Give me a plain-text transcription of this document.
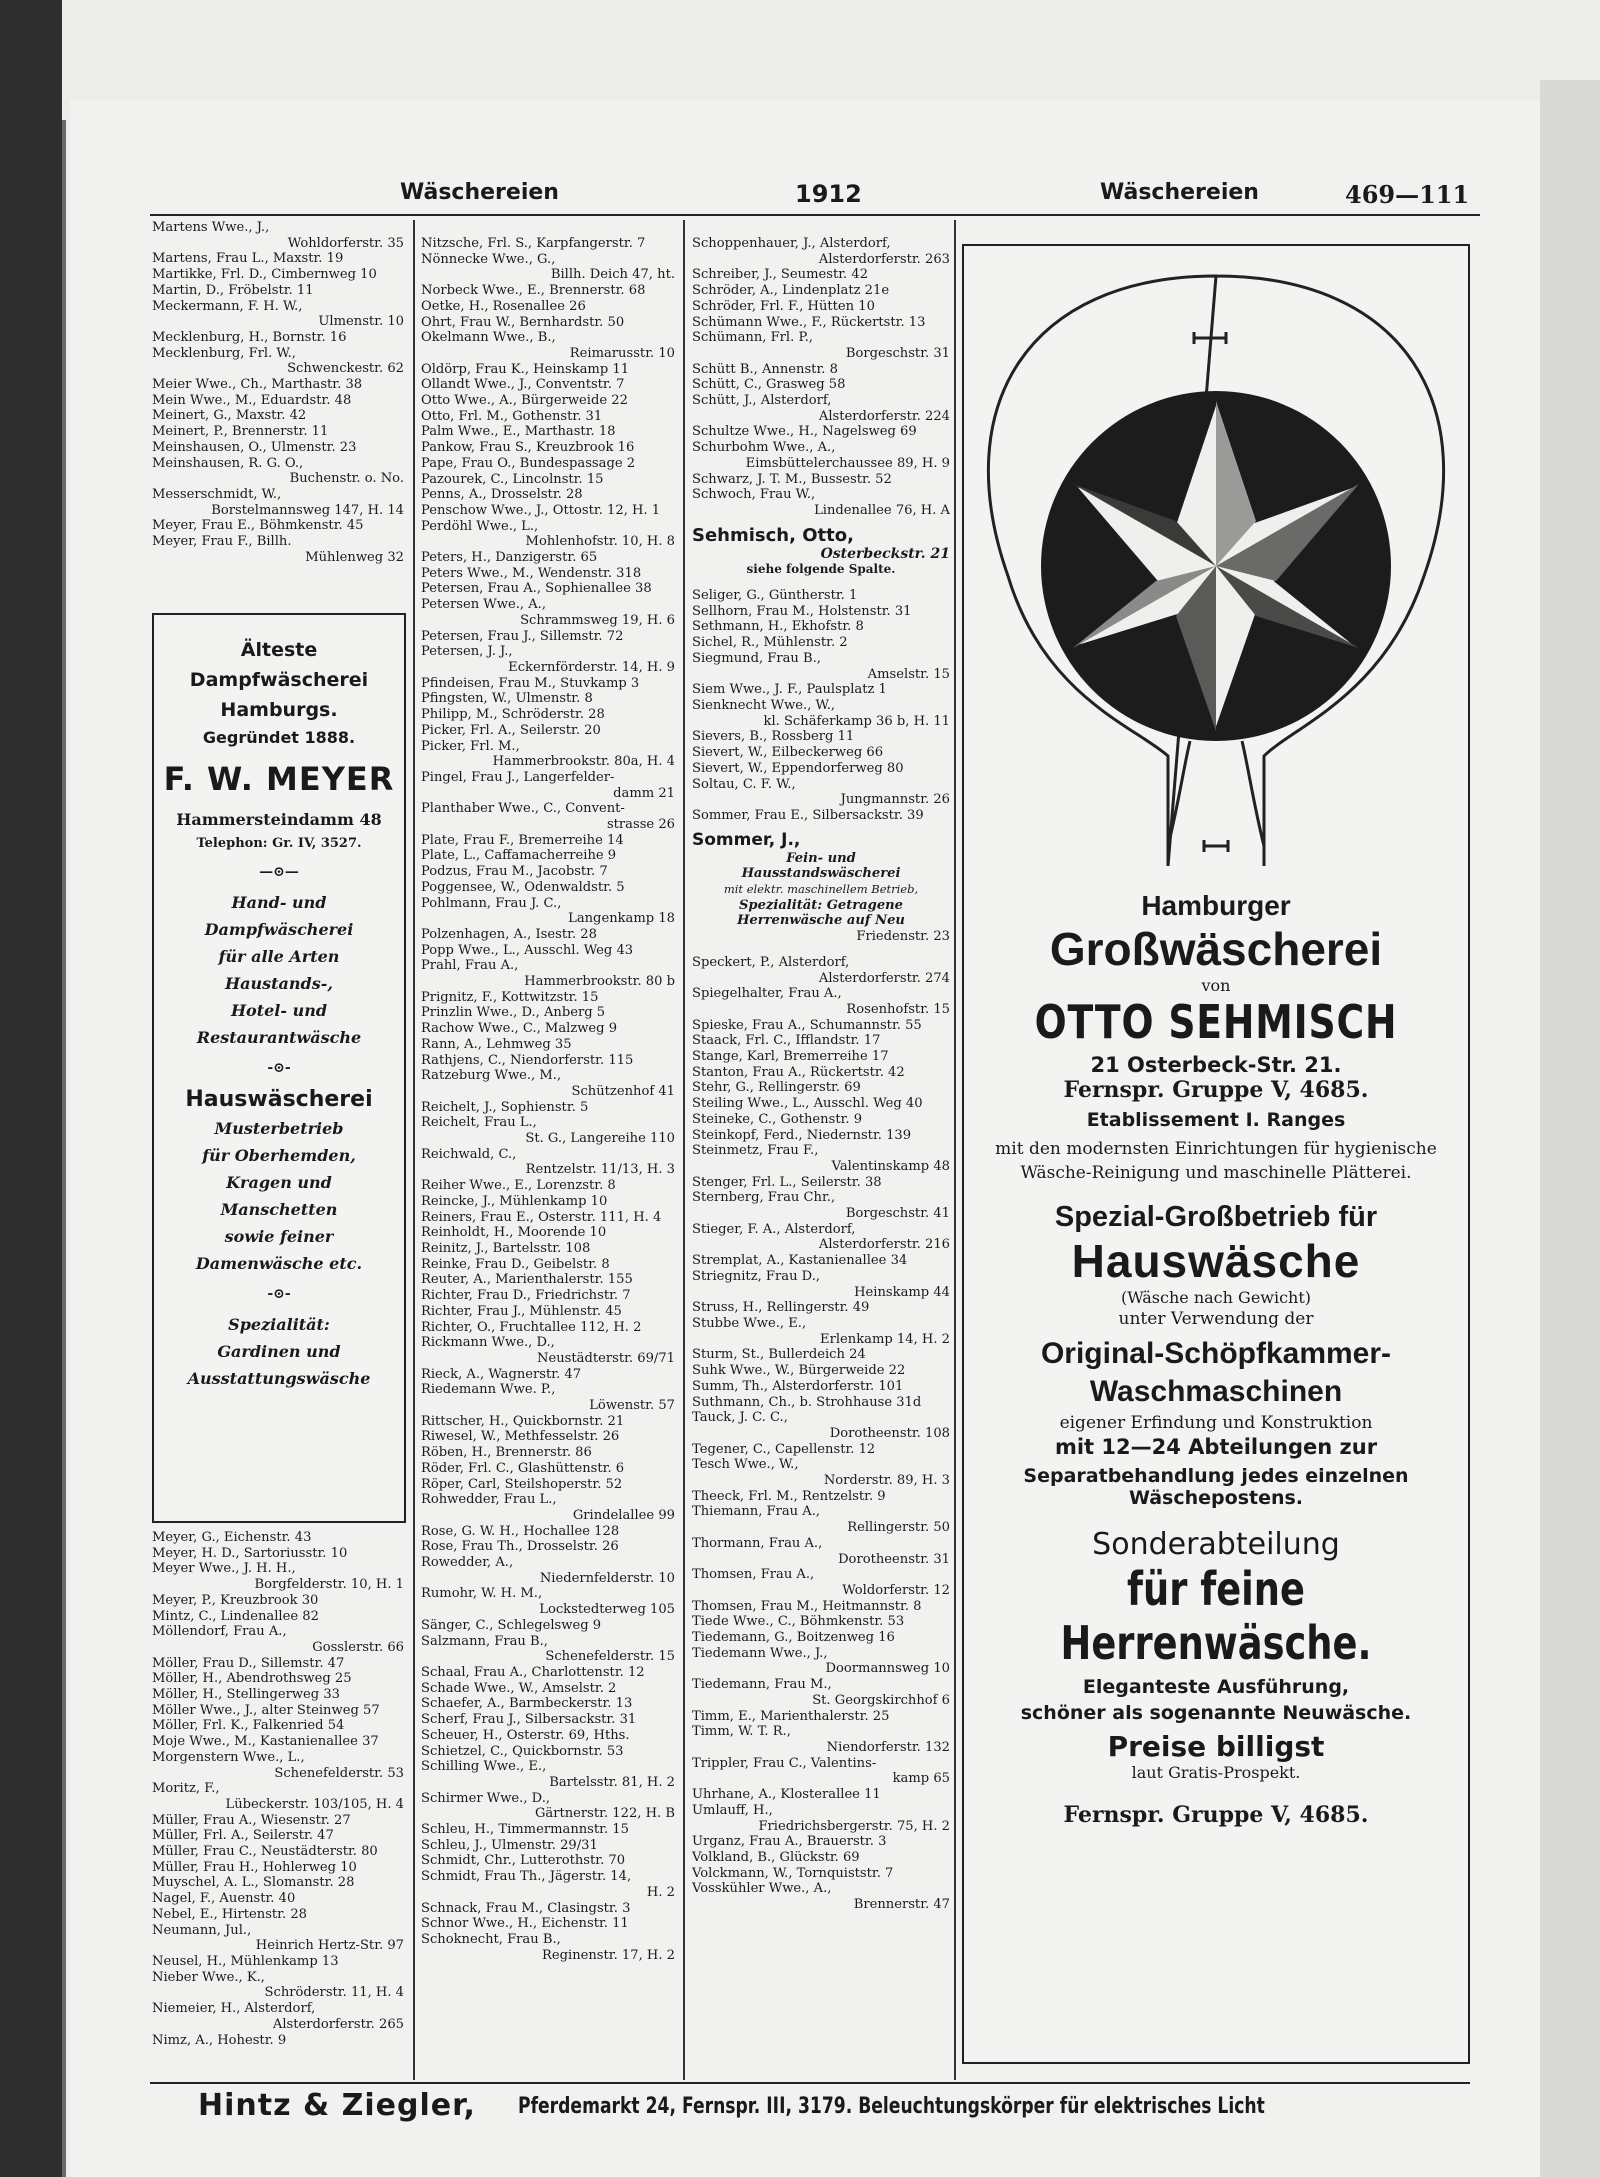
Wäschereien	1912	Wäschereien	469—111
Martens Wwe., J.,
Wohldorferstr. 35
Martens, Frau L., Maxstr. 19
Martikke, Frl. D., Cimbernweg 10
Martin, D., Fröbelstr. 11
Meckermann, F. H. W.,
Ulmenstr. 10
Mecklenburg, H., Bornstr. 16
Mecklenburg, Frl. W.,
Schwenckestr. 62
Meier Wwe., Ch., Marthastr. 38
Mein Wwe., M., Eduardstr. 48
Meinert, G., Maxstr. 42
Meinert, P., Brennerstr. 11
Meinshausen, O., Ulmenstr. 23
Meinshausen, R. G. O.,
Buchenstr. o. No.
Messerschmidt, W.,
Borstelmannsweg 147, H. 14
Meyer, Frau E., Böhmkenstr. 45
Meyer, Frau F., Billh.
Mühlenweg 32
Älteste
Dampfwäscherei
Hamburgs.
Gegründet 1888.
F. W. MEYER
Hammersteindamm 48
Telephon: Gr. IV, 3527.
—⊙—
Hand- und
Dampfwäscherei
für alle Arten
Haustands-,
Hotel- und
Restaurantwäsche
-⊙-
Hauswäscherei
Musterbetrieb
für Oberhemden,
Kragen und
Manschetten
sowie feiner
Damenwäsche etc.
-⊙-
Spezialität:
Gardinen und
Ausstattungswäsche
Meyer, G., Eichenstr. 43
Meyer, H. D., Sartoriusstr. 10
Meyer Wwe., J. H. H.,
Borgfelderstr. 10, H. 1
Meyer, P., Kreuzbrook 30
Mintz, C., Lindenallee 82
Möllendorf, Frau A.,
Gosslerstr. 66
Möller, Frau D., Sillemstr. 47
Möller, H., Abendrothsweg 25
Möller, H., Stellingerweg 33
Möller Wwe., J., alter Steinweg 57
Möller, Frl. K., Falkenried 54
Moje Wwe., M., Kastanienallee 37
Morgenstern Wwe., L.,
Schenefelderstr. 53
Moritz, F.,
Lübeckerstr. 103/105, H. 4
Müller, Frau A., Wiesenstr. 27
Müller, Frl. A., Seilerstr. 47
Müller, Frau C., Neustädterstr. 80
Müller, Frau H., Hohlerweg 10
Muyschel, A. L., Slomanstr. 28
Nagel, F., Auenstr. 40
Nebel, E., Hirtenstr. 28
Neumann, Jul.,
Heinrich Hertz-Str. 97
Neusel, H., Mühlenkamp 13
Nieber Wwe., K.,
Schröderstr. 11, H. 4
Niemeier, H., Alsterdorf,
Alsterdorferstr. 265
Nimz, A., Hohestr. 9
Nitzsche, Frl. S., Karpfangerstr. 7
Nönnecke Wwe., G.,
Billh. Deich 47, ht.
Norbeck Wwe., E., Brennerstr. 68
Oetke, H., Rosenallee 26
Ohrt, Frau W., Bernhardstr. 50
Okelmann Wwe., B.,
Reimarusstr. 10
Oldörp, Frau K., Heinskamp 11
Ollandt Wwe., J., Conventstr. 7
Otto Wwe., A., Bürgerweide 22
Otto, Frl. M., Gothenstr. 31
Palm Wwe., E., Marthastr. 18
Pankow, Frau S., Kreuzbrook 16
Pape, Frau O., Bundespassage 2
Pazourek, C., Lincolnstr. 15
Penns, A., Drosselstr. 28
Penschow Wwe., J., Ottostr. 12, H. 1
Perdöhl Wwe., L.,
Mohlenhofstr. 10, H. 8
Peters, H., Danzigerstr. 65
Peters Wwe., M., Wendenstr. 318
Petersen, Frau A., Sophienallee 38
Petersen Wwe., A.,
Schrammsweg 19, H. 6
Petersen, Frau J., Sillemstr. 72
Petersen, J. J.,
Eckernförderstr. 14, H. 9
Pfindeisen, Frau M., Stuvkamp 3
Pfingsten, W., Ulmenstr. 8
Philipp, M., Schröderstr. 28
Picker, Frl. A., Seilerstr. 20
Picker, Frl. M.,
Hammerbrookstr. 80a, H. 4
Pingel, Frau J., Langerfelder-
damm 21
Planthaber Wwe., C., Convent-
strasse 26
Plate, Frau F., Bremerreihe 14
Plate, L., Caffamacherreihe 9
Podzus, Frau M., Jacobstr. 7
Poggensee, W., Odenwaldstr. 5
Pohlmann, Frau J. C.,
Langenkamp 18
Polzenhagen, A., Isestr. 28
Popp Wwe., L., Ausschl. Weg 43
Prahl, Frau A.,
Hammerbrookstr. 80 b
Prignitz, F., Kottwitzstr. 15
Prinzlin Wwe., D., Anberg 5
Rachow Wwe., C., Malzweg 9
Rann, A., Lehmweg 35
Rathjens, C., Niendorferstr. 115
Ratzeburg Wwe., M.,
Schützenhof 41
Reichelt, J., Sophienstr. 5
Reichelt, Frau L.,
St. G., Langereihe 110
Reichwald, C.,
Rentzelstr. 11/13, H. 3
Reiher Wwe., E., Lorenzstr. 8
Reincke, J., Mühlenkamp 10
Reiners, Frau E., Osterstr. 111, H. 4
Reinholdt, H., Moorende 10
Reinitz, J., Bartelsstr. 108
Reinke, Frau D., Geibelstr. 8
Reuter, A., Marienthalerstr. 155
Richter, Frau D., Friedrichstr. 7
Richter, Frau J., Mühlenstr. 45
Richter, O., Fruchtallee 112, H. 2
Rickmann Wwe., D.,
Neustädterstr. 69/71
Rieck, A., Wagnerstr. 47
Riedemann Wwe. P.,
Löwenstr. 57
Rittscher, H., Quickbornstr. 21
Riwesel, W., Methfesselstr. 26
Röben, H., Brennerstr. 86
Röder, Frl. C., Glashüttenstr. 6
Röper, Carl, Steilshoperstr. 52
Rohwedder, Frau L.,
Grindelallee 99
Rose, G. W. H., Hochallee 128
Rose, Frau Th., Drosselstr. 26
Rowedder, A.,
Niedernfelderstr. 10
Rumohr, W. H. M.,
Lockstedterweg 105
Sänger, C., Schlegelsweg 9
Salzmann, Frau B.,
Schenefelderstr. 15
Schaal, Frau A., Charlottenstr. 12
Schade Wwe., W., Amselstr. 2
Schaefer, A., Barmbeckerstr. 13
Scherf, Frau J., Silbersackstr. 31
Scheuer, H., Osterstr. 69, Hths.
Schietzel, C., Quickbornstr. 53
Schilling Wwe., E.,
Bartelsstr. 81, H. 2
Schirmer Wwe., D.,
Gärtnerstr. 122, H. B
Schleu, H., Timmermannstr. 15
Schleu, J., Ulmenstr. 29/31
Schmidt, Chr., Lutterothstr. 70
Schmidt, Frau Th., Jägerstr. 14,
H. 2
Schnack, Frau M., Clasingstr. 3
Schnor Wwe., H., Eichenstr. 11
Schoknecht, Frau B.,
Reginenstr. 17, H. 2
Schoppenhauer, J., Alsterdorf,
Alsterdorferstr. 263
Schreiber, J., Seumestr. 42
Schröder, A., Lindenplatz 21e
Schröder, Frl. F., Hütten 10
Schümann Wwe., F., Rückertstr. 13
Schümann, Frl. P.,
Borgeschstr. 31
Schütt B., Annenstr. 8
Schütt, C., Grasweg 58
Schütt, J., Alsterdorf,
Alsterdorferstr. 224
Schultze Wwe., H., Nagelsweg 69
Schurbohm Wwe., A.,
Eimsbüttelerchaussee 89, H. 9
Schwarz, J. T. M., Bussestr. 52
Schwoch, Frau W.,
Lindenallee 76, H. A
Sehmisch, Otto,
Osterbeckstr. 21
siehe folgende Spalte.
Seliger, G., Güntherstr. 1
Sellhorn, Frau M., Holstenstr. 31
Sethmann, H., Ekhofstr. 8
Sichel, R., Mühlenstr. 2
Siegmund, Frau B.,
Amselstr. 15
Siem Wwe., J. F., Paulsplatz 1
Sienknecht Wwe., W.,
kl. Schäferkamp 36 b, H. 11
Sievers, B., Rossberg 11
Sievert, W., Eilbeckerweg 66
Sievert, W., Eppendorferweg 80
Soltau, C. F. W.,
Jungmannstr. 26
Sommer, Frau E., Silbersackstr. 39
Sommer, J.,
Fein- und
Hausstandswäscherei
mit elektr. maschinellem Betrieb,
Spezialität: Getragene
Herrenwäsche auf Neu
Friedenstr. 23
Speckert, P., Alsterdorf,
Alsterdorferstr. 274
Spiegelhalter, Frau A.,
Rosenhofstr. 15
Spieske, Frau A., Schumannstr. 55
Staack, Frl. C., Ifflandstr. 17
Stange, Karl, Bremerreihe 17
Stanton, Frau A., Rückertstr. 42
Stehr, G., Rellingerstr. 69
Steiling Wwe., L., Ausschl. Weg 40
Steineke, C., Gothenstr. 9
Steinkopf, Ferd., Niedernstr. 139
Steinmetz, Frau F.,
Valentinskamp 48
Stenger, Frl. L., Seilerstr. 38
Sternberg, Frau Chr.,
Borgeschstr. 41
Stieger, F. A., Alsterdorf,
Alsterdorferstr. 216
Stremplat, A., Kastanienallee 34
Striegnitz, Frau D.,
Heinskamp 44
Struss, H., Rellingerstr. 49
Stubbe Wwe., E.,
Erlenkamp 14, H. 2
Sturm, St., Bullerdeich 24
Suhk Wwe., W., Bürgerweide 22
Summ, Th., Alsterdorferstr. 101
Suthmann, Ch., b. Strohhause 31d
Tauck, J. C. C.,
Dorotheenstr. 108
Tegener, C., Capellenstr. 12
Tesch Wwe., W.,
Norderstr. 89, H. 3
Theeck, Frl. M., Rentzelstr. 9
Thiemann, Frau A.,
Rellingerstr. 50
Thormann, Frau A.,
Dorotheenstr. 31
Thomsen, Frau A.,
Woldorferstr. 12
Thomsen, Frau M., Heitmannstr. 8
Tiede Wwe., C., Böhmkenstr. 53
Tiedemann, G., Boitzenweg 16
Tiedemann Wwe., J.,
Doormannsweg 10
Tiedemann, Frau M.,
St. Georgskirchhof 6
Timm, E., Marienthalerstr. 25
Timm, W. T. R.,
Niendorferstr. 132
Trippler, Frau C., Valentins-
kamp 65
Uhrhane, A., Klosterallee 11
Umlauff, H.,
Friedrichsbergerstr. 75, H. 2
Urganz, Frau A., Brauerstr. 3
Volkland, B., Glückstr. 69
Volckmann, W., Tornquiststr. 7
Vosskühler Wwe., A.,
Brennerstr. 47
Hamburger
Großwäscherei
von
OTTO SEHMISCH
21 Osterbeck-Str. 21.
Fernspr. Gruppe V, 4685.
Etablissement I. Ranges
mit den modernsten Einrichtungen für hygienische
Wäsche-Reinigung und maschinelle Plätterei.
Spezial-Großbetrieb für
Hauswäsche
(Wäsche nach Gewicht)
unter Verwendung der
Original-Schöpfkammer-
Waschmaschinen
eigener Erfindung und Konstruktion
mit 12—24 Abteilungen zur
Separatbehandlung jedes einzelnen
Wäschepostens.
Sonderabteilung
für feine Herrenwäsche.
Eleganteste Ausführung,
schöner als sogenannte Neuwäsche.
Preise billigst
laut Gratis-Prospekt.
Fernspr. Gruppe V, 4685.
Hintz & Ziegler, Pferdemarkt 24, Fernspr. III, 3179. Beleuchtungskörper für elektrisches Licht
